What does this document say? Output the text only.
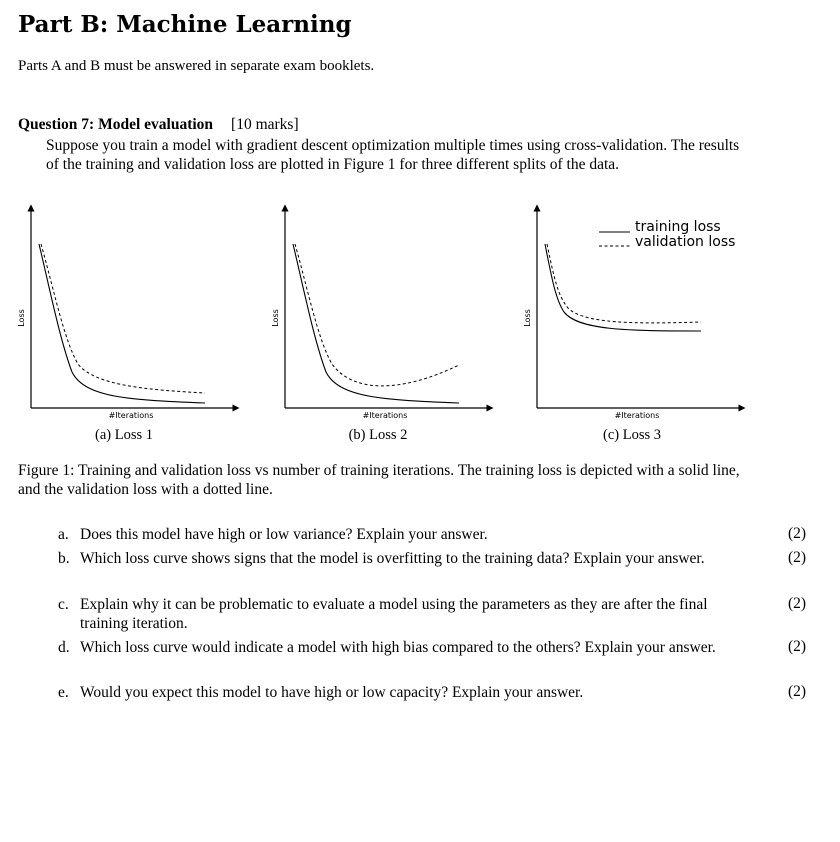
Part B: Machine Learning
Parts A and B must be answered in separate exam booklets.
Question 7: Model evaluation [10 marks]
Suppose you train a model with gradient descent optimization multiple times using cross-validation. The results of the training and validation loss are plotted in Figure 1 for three different splits of the data.
Loss
#Iterations
(a) Loss 1
Loss
#Iterations
(b) Loss 2
Loss
#Iterations
training loss
validation loss
(c) Loss 3
Figure 1: Training and validation loss vs number of training iterations. The training loss is depicted with a solid line, and the validation loss with a dotted line.
a. Does this model have high or low variance? Explain your answer.	(2)
b. Which loss curve shows signs that the model is overfitting to the training data? Explain your answer.	(2)
c. Explain why it can be problematic to evaluate a model using the parameters as they are after the final training iteration.
(2)
d. Which loss curve would indicate a model with high bias compared to the others? Explain your answer.	(2)
e. Would you expect this model to have high or low capacity? Explain your answer.	(2)
